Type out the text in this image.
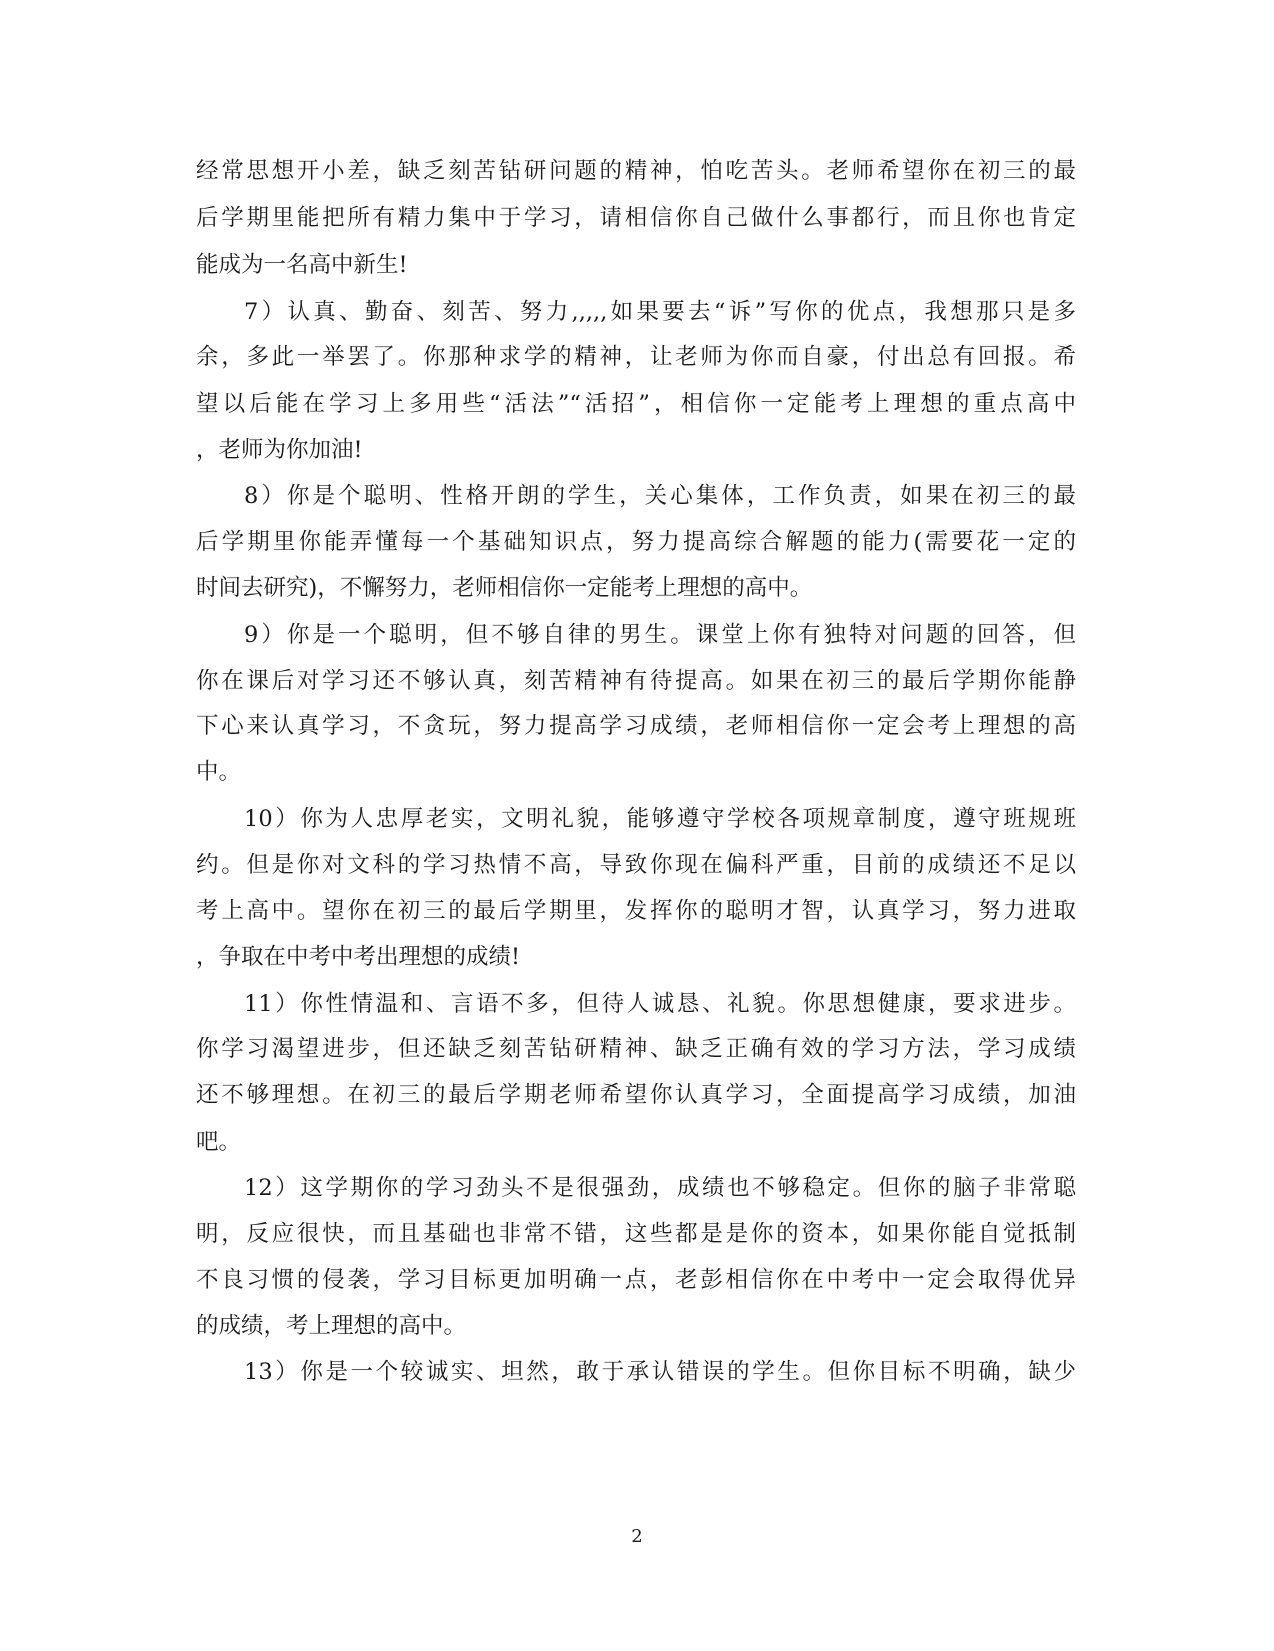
经常思想开小差，缺乏刻苦钻研问题的精神，怕吃苦头。老师希望你在初三的最
后学期里能把所有精力集中于学习，请相信你自己做什么事都行，而且你也肯定
能成为一名高中新生!
7）认真、勤奋、刻苦、努力,,,,,如果要去“诉”写你的优点，我想那只是多
余，多此一举罢了。你那种求学的精神，让老师为你而自豪，付出总有回报。希
望以后能在学习上多用些“活法”“活招”，相信你一定能考上理想的重点高中
，老师为你加油!
8）你是个聪明、性格开朗的学生，关心集体，工作负责，如果在初三的最
后学期里你能弄懂每一个基础知识点，努力提高综合解题的能力(需要花一定的
时间去研究)，不懈努力，老师相信你一定能考上理想的高中。
9）你是一个聪明，但不够自律的男生。课堂上你有独特对问题的回答，但
你在课后对学习还不够认真，刻苦精神有待提高。如果在初三的最后学期你能静
下心来认真学习，不贪玩，努力提高学习成绩，老师相信你一定会考上理想的高
中。
10）你为人忠厚老实，文明礼貌，能够遵守学校各项规章制度，遵守班规班
约。但是你对文科的学习热情不高，导致你现在偏科严重，目前的成绩还不足以
考上高中。望你在初三的最后学期里，发挥你的聪明才智，认真学习，努力进取
，争取在中考中考出理想的成绩!
11）你性情温和、言语不多，但待人诚恳、礼貌。你思想健康，要求进步。
你学习渴望进步，但还缺乏刻苦钻研精神、缺乏正确有效的学习方法，学习成绩
还不够理想。在初三的最后学期老师希望你认真学习，全面提高学习成绩，加油
吧。
12）这学期你的学习劲头不是很强劲，成绩也不够稳定。但你的脑子非常聪
明，反应很快，而且基础也非常不错，这些都是是你的资本，如果你能自觉抵制
不良习惯的侵袭，学习目标更加明确一点，老彭相信你在中考中一定会取得优异
的成绩，考上理想的高中。
13）你是一个较诚实、坦然，敢于承认错误的学生。但你目标不明确，缺少
2
